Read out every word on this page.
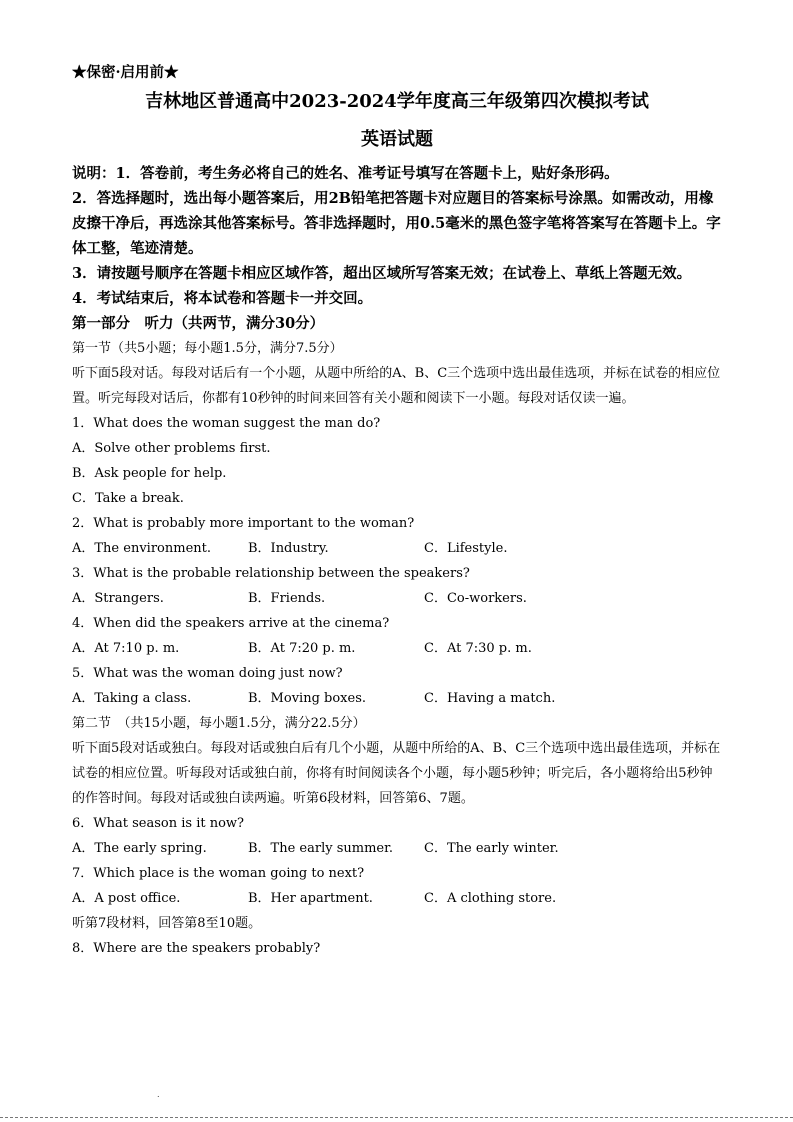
★保密·启用前★
吉林地区普通高中2023-2024学年度高三年级第四次模拟考试
英语试题
说明：1．答卷前，考生务必将自己的姓名、准考证号填写在答题卡上，贴好条形码。
2．答选择题时，选出每小题答案后，用2B铅笔把答题卡对应题目的答案标号涂黑。如需改动，用橡皮擦干净后，再选涂其他答案标号。答非选择题时，用0.5毫米的黑色签字笔将答案写在答题卡上。字体工整，笔迹清楚。
3．请按题号顺序在答题卡相应区域作答，超出区域所写答案无效；在试卷上、草纸上答题无效。
4．考试结束后，将本试卷和答题卡一并交回。
第一部分　听力（共两节，满分30分）
第一节（共5小题；每小题1.5分，满分7.5分）
听下面5段对话。每段对话后有一个小题，从题中所给的A、B、C三个选项中选出最佳选项，并标在试卷的相应位置。听完每段对话后，你都有10秒钟的时间来回答有关小题和阅读下一小题。每段对话仅读一遍。
1．What does the woman suggest the man do?
A．Solve other problems first.
B．Ask people for help.
C．Take a break.
2．What is probably more important to the woman?
A．The environment.	B．Industry.	C．Lifestyle.
3．What is the probable relationship between the speakers?
A．Strangers.	B．Friends.	C．Co-workers.
4．When did the speakers arrive at the cinema?
A．At 7:10 p. m.	B．At 7:20 p. m.	C．At 7:30 p. m.
5．What was the woman doing just now?
A．Taking a class.	B．Moving boxes.	C．Having a match.
第二节　（共15小题，每小题1.5分，满分22.5分）
听下面5段对话或独白。每段对话或独白后有几个小题，从题中所给的A、B、C三个选项中选出最佳选项，并标在试卷的相应位置。听每段对话或独白前，你将有时间阅读各个小题，每小题5秒钟；听完后，各小题将给出5秒钟的作答时间。每段对话或独白读两遍。听第6段材料，回答第6、7题。
6．What season is it now?
A．The early spring.	B．The early summer. C．The early winter.
7．Which place is the woman going to next?
A．A post office.	B．Her apartment.	C．A clothing store.
听第7段材料，回答第8至10题。
8．Where are the speakers probably?
.
